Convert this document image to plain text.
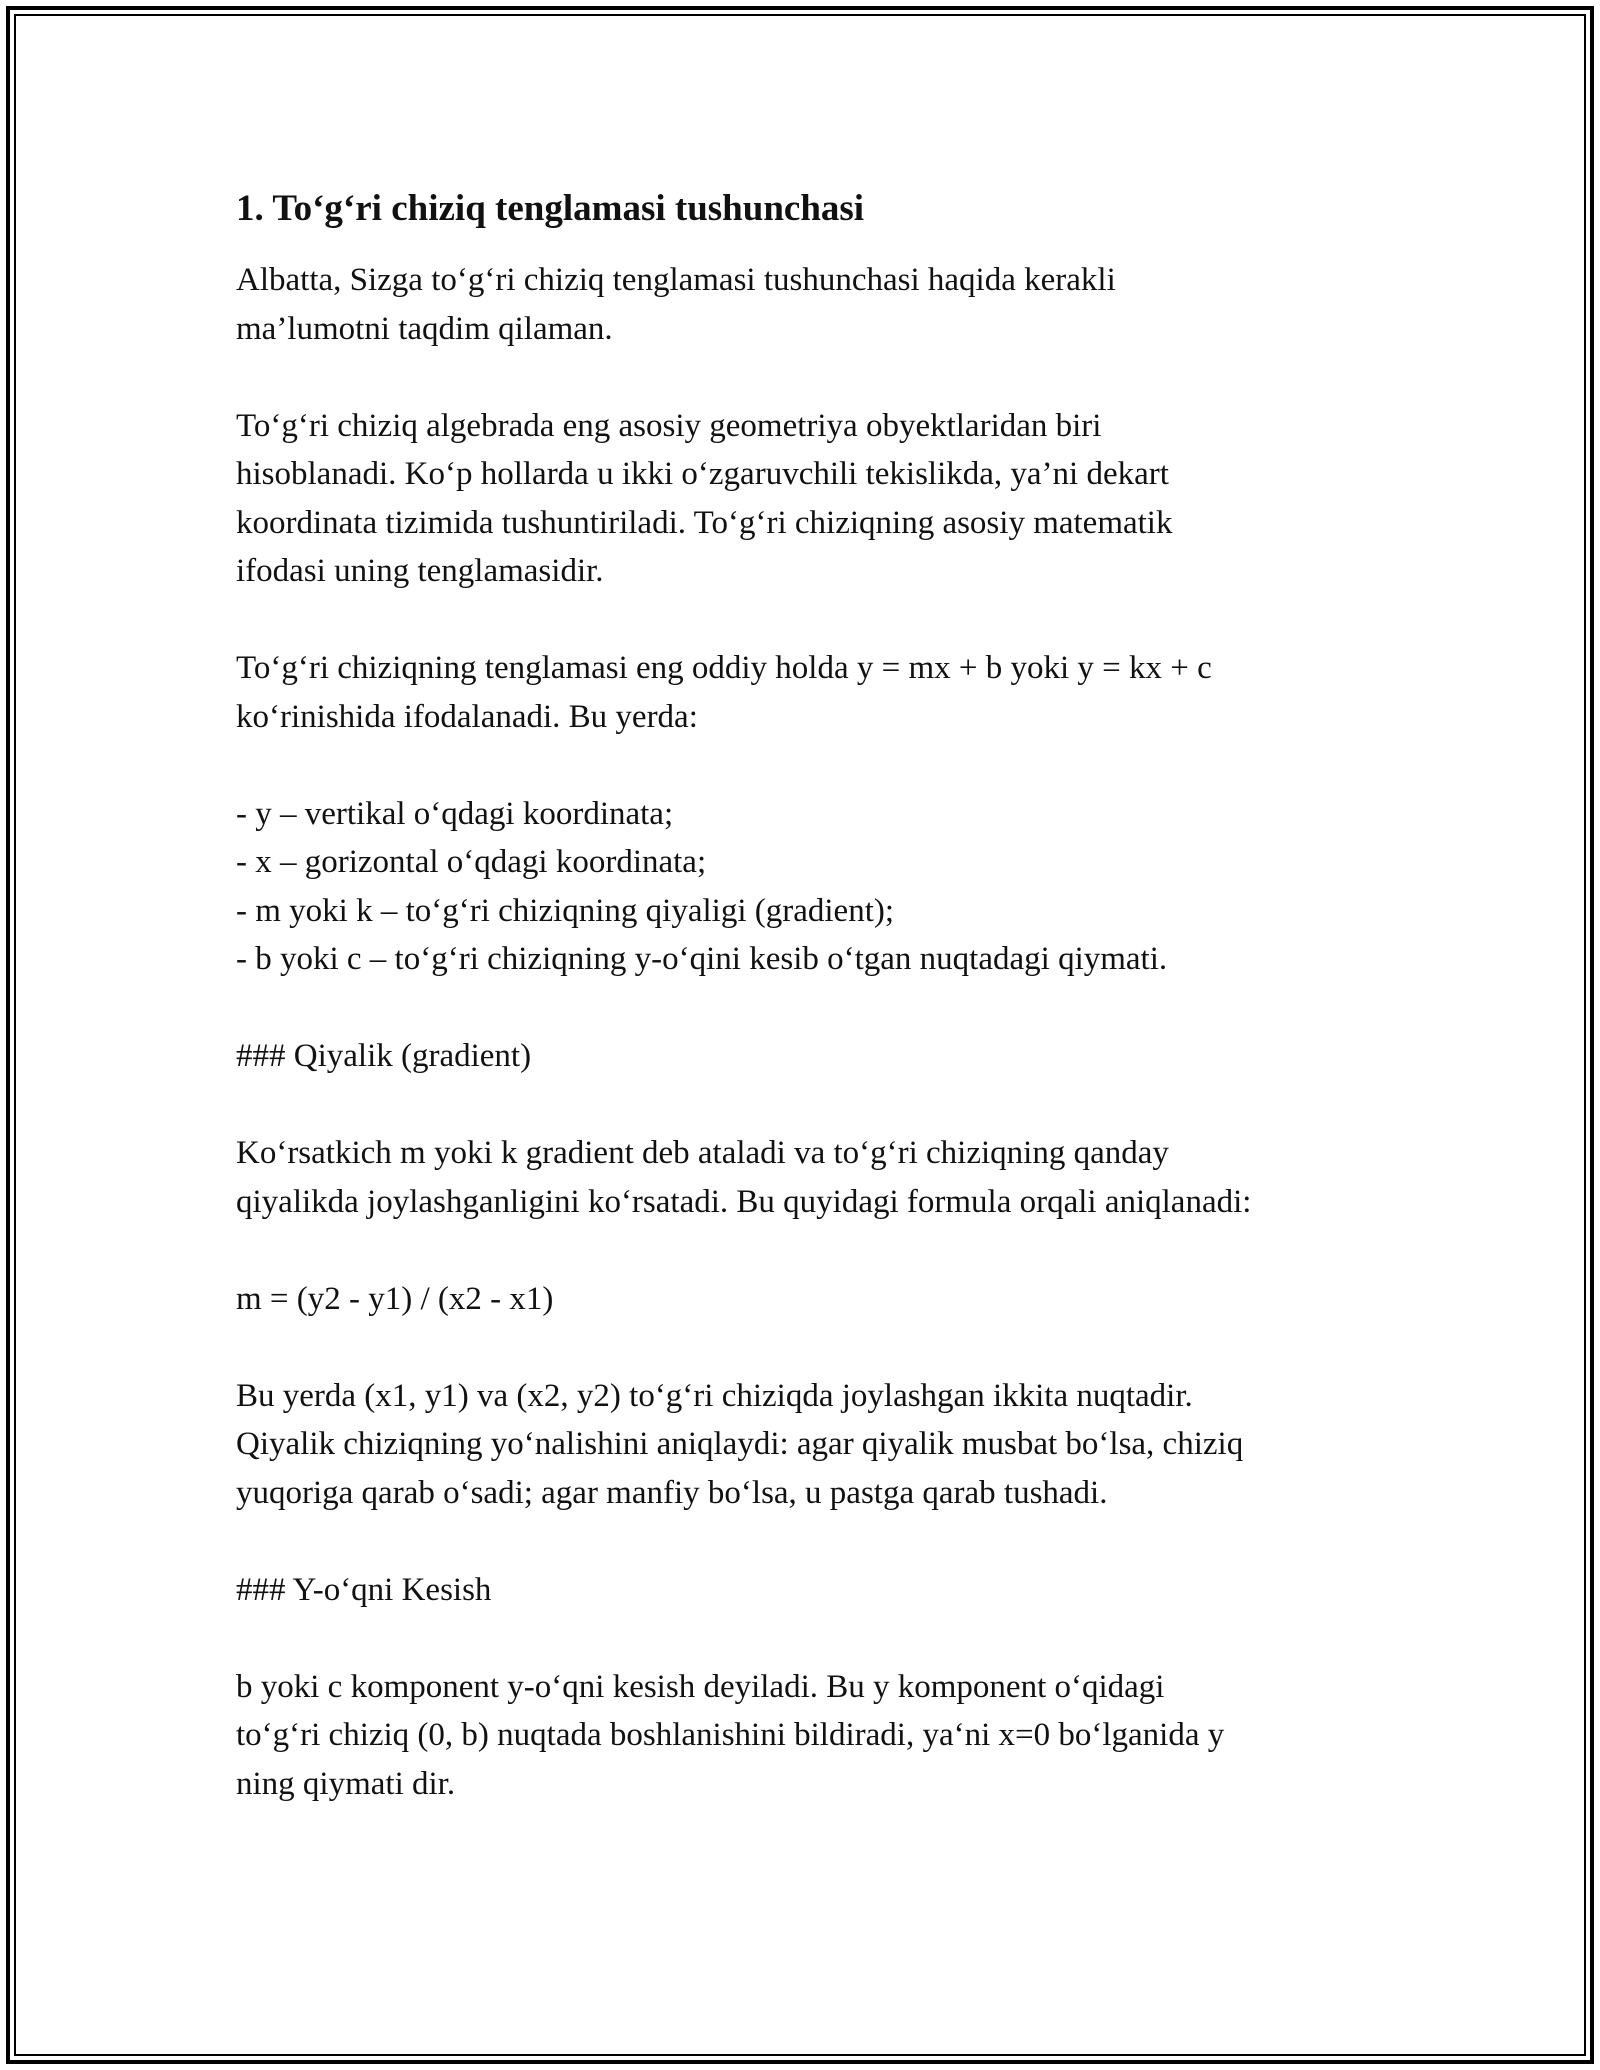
1. To‘g‘ri chiziq tenglamasi tushunchasi
Albatta, Sizga to‘g‘ri chiziq tenglamasi tushunchasi haqida kerakli
ma’lumotni taqdim qilaman.
To‘g‘ri chiziq algebrada eng asosiy geometriya obyektlaridan biri
hisoblanadi. Ko‘p hollarda u ikki o‘zgaruvchili tekislikda, ya’ni dekart
koordinata tizimida tushuntiriladi. To‘g‘ri chiziqning asosiy matematik
ifodasi uning tenglamasidir.
To‘g‘ri chiziqning tenglamasi eng oddiy holda y = mx + b yoki y = kx + c
ko‘rinishida ifodalanadi. Bu yerda:
- y – vertikal o‘qdagi koordinata;
- x – gorizontal o‘qdagi koordinata;
- m yoki k – to‘g‘ri chiziqning qiyaligi (gradient);
- b yoki c – to‘g‘ri chiziqning y-o‘qini kesib o‘tgan nuqtadagi qiymati.
### Qiyalik (gradient)
Ko‘rsatkich m yoki k gradient deb ataladi va to‘g‘ri chiziqning qanday
qiyalikda joylashganligini ko‘rsatadi. Bu quyidagi formula orqali aniqlanadi:
m = (y2 - y1) / (x2 - x1)
Bu yerda (x1, y1) va (x2, y2) to‘g‘ri chiziqda joylashgan ikkita nuqtadir.
Qiyalik chiziqning yo‘nalishini aniqlaydi: agar qiyalik musbat bo‘lsa, chiziq
yuqoriga qarab o‘sadi; agar manfiy bo‘lsa, u pastga qarab tushadi.
### Y-o‘qni Kesish
b yoki c komponent y-o‘qni kesish deyiladi. Bu y komponent o‘qidagi
to‘g‘ri chiziq (0, b) nuqtada boshlanishini bildiradi, ya‘ni x=0 bo‘lganida y
ning qiymati dir.
